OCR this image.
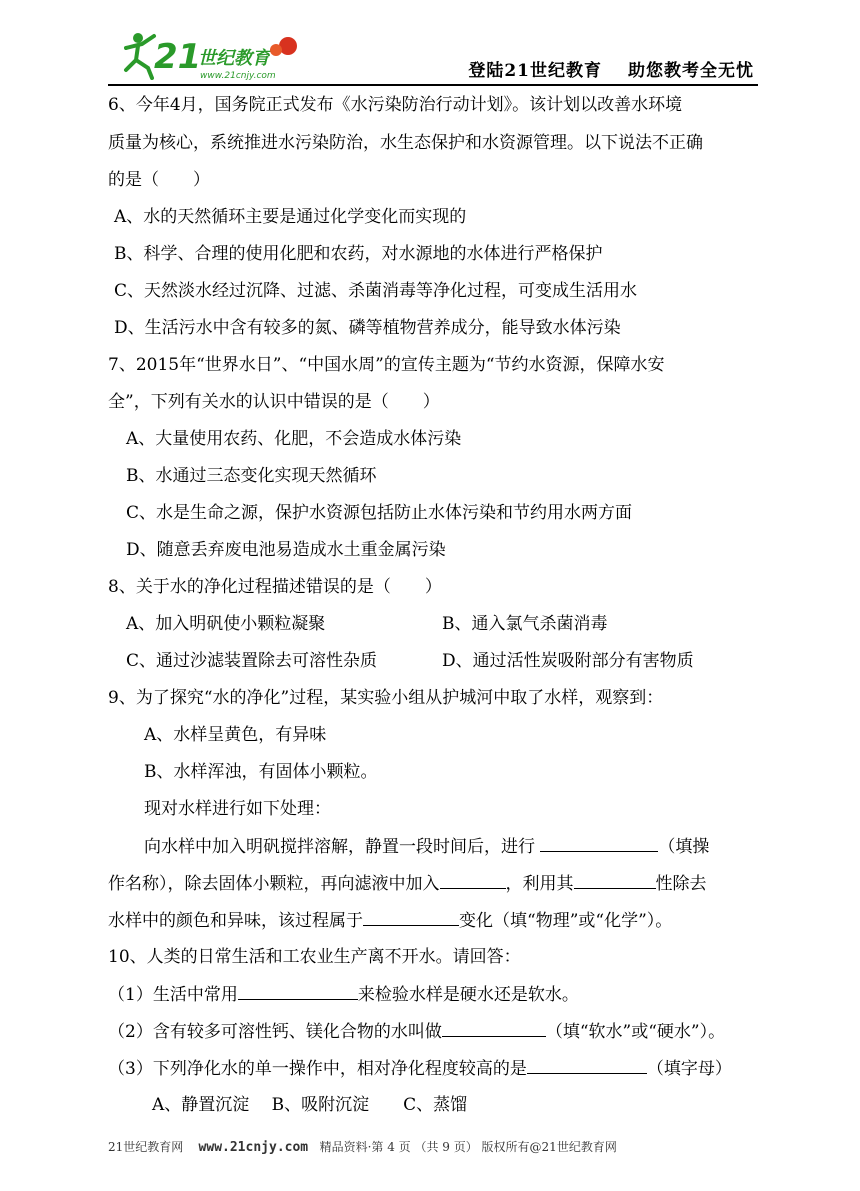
21
世纪教育
www.21cnjy.com	登陆21世纪教育 助您教考全无忧
6、今年4月，国务院正式发布《水污染防治行动计划》。该计划以改善水环境
质量为核心，系统推进水污染防治，水生态保护和水资源管理。以下说法不正确
的是（　　）
A、水的天然循环主要是通过化学变化而实现的
B、科学、合理的使用化肥和农药，对水源地的水体进行严格保护
C、天然淡水经过沉降、过滤、杀菌消毒等净化过程，可变成生活用水
D、生活污水中含有较多的氮、磷等植物营养成分，能导致水体污染
7、2015年“世界水日”、“中国水周”的宣传主题为“节约水资源，保障水安
全”，下列有关水的认识中错误的是（　　）
A、大量使用农药、化肥，不会造成水体污染
B、水通过三态变化实现天然循环
C、水是生命之源，保护水资源包括防止水体污染和节约用水两方面
D、随意丢弃废电池易造成水土重金属污染
8、关于水的净化过程描述错误的是（　　）
A、加入明矾使小颗粒凝聚	B、通入氯气杀菌消毒
C、通过沙滤装置除去可溶性杂质	D、通过活性炭吸附部分有害物质
9、为了探究“水的净化”过程，某实验小组从护城河中取了水样，观察到：
A、水样呈黄色，有异味
B、水样浑浊，有固体小颗粒。
现对水样进行如下处理：
向水样中加入明矾搅拌溶解，静置一段时间后，进行	（填操
作名称），除去固体小颗粒，再向滤液中加入	，利用其	性除去
水样中的颜色和异味，该过程属于	变化（填“物理”或“化学”）。
10、人类的日常生活和工农业生产离不开水。请回答：
（1）生活中常用	来检验水样是硬水还是软水。
（2）含有较多可溶性钙、镁化合物的水叫做	（填“软水”或“硬水”）。
（3）下列净化水的单一操作中，相对净化程度较高的是	（填字母）
A、静置沉淀　 B、吸附沉淀　　C、蒸馏
21世纪教育网 www.21cnjy.com 精品资料·第 4 页 （共 9 页） 版权所有@21世纪教育网
